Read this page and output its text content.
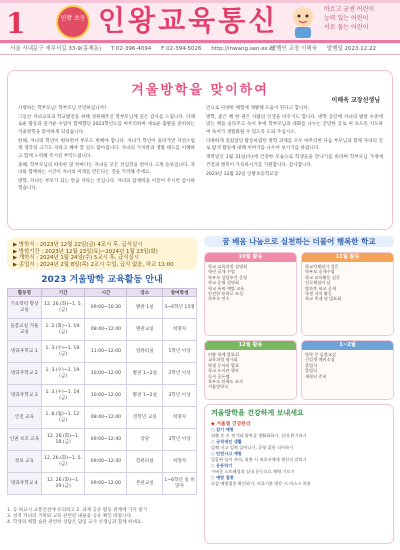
1	인왕 초등 인왕교육통신	바르고 굳센 어린이
능력 있는 어린이
서로 돕는 어린이
서울 서대문구 세무서길 33-9(홍제동) T 02-396-4094 F 02-394-5026 http://inwang.sen.es.kr
발행인 교장 이해욱 발행일 2023.12.22
겨울방학을 맞이하여
이해욱 교장선생님

사랑하는 학부모님! 학부모님 안녕하십니까?

그동안 자녀교육과 학교발전을 위해 성원해주신 학부모님께 깊은 감사를 드립니다. 다채로운 활동과 즐거운 수업이 함께했던 2023학년도를 마무리하며 새로운 출발을 준비하는 겨울방학을 맞이하게 되었습니다.

한해, 자녀의 학년이 변하면서 부모도 변해야 합니다. 자녀가 학년이 올라가면 자연스럽게 생각의 크기도 자라고 해야 할 일도 많아집니다. 자녀의 가치관과 생활 태도를 이해하고 함께 노력해 주시길 부탁드립니다.

올해, 학부모님의 따뜻한 말 한마디는 자녀들 모든 선입견을 벗어나 크게 돋보입니다. 자녀와 함께하는 시간이 자녀의 미래를 만든다는 것을 기억해 주세요.

방학, 자녀는 부모가 되는 만큼 자라는 것입니다. 자녀의 잠재력을 이끌어 주시면 감사하겠습니다.

인으로 다양한 체험에 제발해 도움이 된다고 합니다.

방학, 좋은 책 한 권은 사람의 인생을 바꾸기도 합니다. 방학 동안에 자녀의 발달 수준에 맞는 책을 골라주고 독서 후에 학부모님과 대화를 나누는 간단한 글로 써 보도록 지도하여 독서가 생활화될 수 있도록 도와 주십시오.

다양하게 길렀었던 활동하였던 방학 과제를 모두 마무리한 다음 부모님과 함께 자녀의 진로 탐색 활동에 대해 이야기를 나누어 보시기를 바랍니다.

개학일인 1월 31일(수)에 건강한 모습으로 학생들을 만나기를 바라며 학부모님 가정에 건강과 행복이 가득하시기를 기원합니다. 감사합니다.

2023년 12월 22일 인왕초등학교장

▶ 방학식 : 2023년 12월 22일(금) 4교시 후, 급식실시
▶ 방학기간 : 2023년 12월 23일(토)~2024년 1월 23일(화)
▶ 개학식 : 2024년 1월 24일(수) 5교시 후, 급식실시
▶ 종업식 : 2024년 2월 8일(목) 2교시 수업, 급식 없음, 하교 11:00
2023 겨울방학 교육활동 안내
활동명	기간	시간	장소	참여학생
기초학력 향상교실	12. 26.(화)~1. 5.(금)	09:00~10:30	별관 1실	3~6학년 15명
돌봄교실 겨울교실	1. 2.(화)~1. 19.(금)	08:40~12:40	별관교실	희망자
방과후학교 1	1. 3.(수)~1. 19.(금)	11:00~12:00	컴퓨터실	1학년 이상
방과후학교 2	1. 3.(수)~1. 19.(금)	10:00~12:00	별관 1~2실	2학년 이상
방과후학교 3	1. 3.(수)~1. 19.(금)	10:00~12:00	별관 1~2실	3학년 이상
안전 교육	1. 8.(월)~1. 12.(금)	08:40~12:40	전학년 교실	희망자
인권 보호 교육	12. 26.(화)~1. 19.(금)	09:00~12:40	강당	3학년 이상
정보 교육	12. 26.(화)~1. 5.(금)	09:00~12:40	컴퓨터실	희망자
방과후학교 4	12. 26.(화)~1. 19.(금)	09:00~12:00	본관교실	1~6학년 일 희망자
1. 등 하교시 교통안전에 유의하고 2. 과제 공유 활동 관계에 가지 말기
3. 성적 자녀의 거취와 교육 관련된 내용을 공유 확인 바랍니다.
4. 학생의 체험 습관 관련한 상담은 담임 교사 선생님과 함께 하세요.
꿈 배움 나눔으로 실천하는 더불어 행복한 학교
10월 활동
학교 교육과정 설명회
학년 공개 수업
학부모 상담주간 운영
학교 운영 설명회
학교 폭력 예방 교육
안전한 통학로 조성
학부모 연수
11월 활동
학교자체평가 설문
학부모 공개수업
학교 교육활동 설문
진로체험의 날
방과후 학교 공개
학생 자치 활동
학교 축제 및 발표회
12월 활동
인왕 학예 발표회
교육과정 평가회
학생 동아리 발표
학교 도서관 행사
독서 골든벨
학부모 만족도 조사
겨울방학식
1~2월
방학 중 돌봄교실
신입생 예비소집
졸업식
종업식
새학년 준비
겨울방학을 건강하게 보내세요
◆ 겨울철 건강관리
○ 감기 예방
외출 후 손 씻기와 양치질 생활화하기, 실내 환기하기
○ 규칙적인 생활
일찍 자고 일찍 일어나기, 균형 잡힌 식사하기
○ 안전사고 예방
얼음판 놀이 주의, 외출 시 보호자에게 행선지 알리기
○ 운동하기
가벼운 스트레칭과 실내 운동으로 체력 기르기
○ 예방 접종
독감 예방접종 확인하기, 의료기관 방문 시 마스크 착용
